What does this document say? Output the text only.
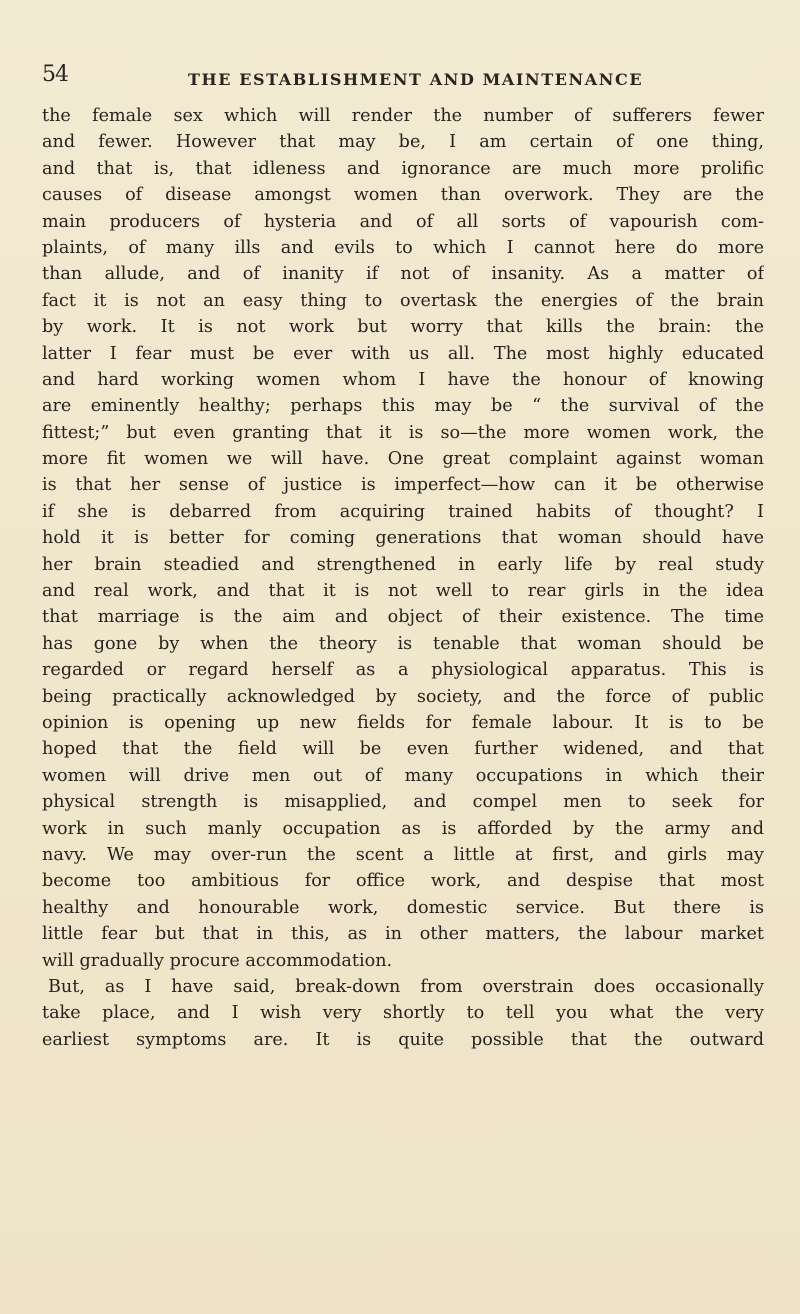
54	THE ESTABLISHMENT AND MAINTENANCE
the female sex which will render the number of sufferers fewer
and fewer. However that may be, I am certain of one thing,
and that is, that idleness and ignorance are much more prolific
causes of disease amongst women than overwork. They are the
main producers of hysteria and of all sorts of vapourish com-
plaints, of many ills and evils to which I cannot here do more
than allude, and of inanity if not of insanity. As a matter of
fact it is not an easy thing to overtask the energies of the brain
by work. It is not work but worry that kills the brain: the
latter I fear must be ever with us all. The most highly educated
and hard working women whom I have the honour of knowing
are eminently healthy; perhaps this may be “ the survival of the
fittest;” but even granting that it is so—the more women work, the
more fit women we will have. One great complaint against woman
is that her sense of justice is imperfect—how can it be otherwise
if she is debarred from acquiring trained habits of thought? I
hold it is better for coming generations that woman should have
her brain steadied and strengthened in early life by real study
and real work, and that it is not well to rear girls in the idea
that marriage is the aim and object of their existence. The time
has gone by when the theory is tenable that woman should be
regarded or regard herself as a physiological apparatus. This is
being practically acknowledged by society, and the force of public
opinion is opening up new fields for female labour. It is to be
hoped that the field will be even further widened, and that
women will drive men out of many occupations in which their
physical strength is misapplied, and compel men to seek for
work in such manly occupation as is afforded by the army and
navy. We may over-run the scent a little at first, and girls may
become too ambitious for office work, and despise that most
healthy and honourable work, domestic service. But there is
little fear but that in this, as in other matters, the labour market
will gradually procure accommodation.
But, as I have said, break-down from overstrain does occasionally
take place, and I wish very shortly to tell you what the very
earliest symptoms are. It is quite possible that the outward
